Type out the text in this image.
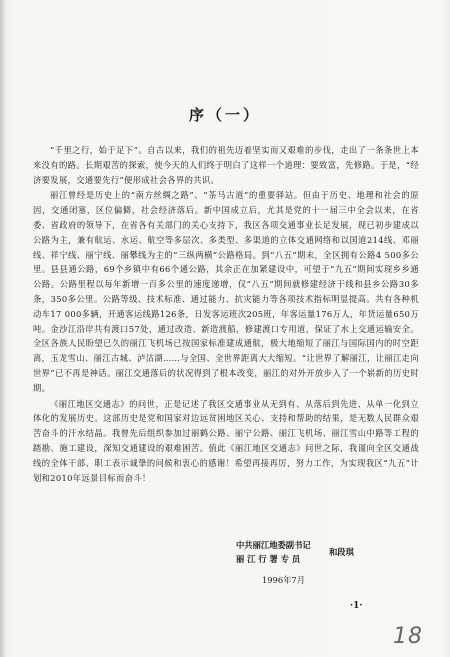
序（一）

“千里之行，始于足下”。自古以来，我们的祖先迈着坚实而又艰难的步伐，走出了一条条世上本来没有的路。长期艰苦的探索，使今天的人们终于明白了这样一个道理：要致富，先修路。于是，“经济要发展，交通要先行”便形成社会各界的共识。

丽江曾经是历史上的“南方丝绸之路”、“茶马古道”的重要驿站。但由于历史、地理和社会的原因，交通闭塞，区位偏僻，社会经济落后。新中国成立后，尤其是党的十一届三中全会以来，在省委、省政府的领导下，在省各有关部门的关心支持下，我区各项交通事业长足发展，现已初步建成以公路为主，兼有航运、水运、航空等多层次、多类型、多渠道的立体交通网络和以国道214线、邓丽线、祥宁线、丽宁线、丽攀线为主的“三纵两横”公路格局。到“八五”期末，全区拥有公路4 500多公里。县县通公路，69个乡镇中有66个通公路，其余正在加紧建设中，可望于“九五”期间实现乡乡通公路。公路里程以每年新增一百多公里的速度递增，仅“八五”期间就修建经济干线和县乡公路30多条，350多公里。公路等级、技术标准、通过能力、抗灾能力等各项技术指标明显提高。共有各种机动车17 000多辆，开通客运线路126条，日发客运班次205班，年客运量176万人，年货运量650万吨。金沙江沿岸共有渡口57处，通过改造、新造渡船，修建渡口专用道，保证了水上交通运输安全。全区各族人民盼望已久的丽江飞机场已按国家标准建成通航，极大地缩短了丽江与国际国内的时空距离，玉龙雪山、丽江古城、泸沽湖……与全国、全世界距离大大缩短。“让世界了解丽江，让丽江走向世界”已不再是神话。丽江交通落后的状况得到了根本改变，丽江的对外开放步入了一个崭新的历史时期。

《丽江地区交通志》的问世，正是记述了我区交通事业从无到有、从落后到先进、从单一化到立体化的发展历史。这部历史是党和国家对边远贫困地区关心、支持和帮助的结果，是无数人民群众艰苦奋斗的汗水结晶。我曾先后组织参加过丽鹤公路、丽宁公路、丽江飞机场、丽江雪山中路等工程的踏勘、施工建设，深知交通建设的艰难困苦。值此《丽江地区交通志》问世之际，我谨向全区交通战线的全体干部、职工表示诚挚的问候和衷心的感谢！希望再接再厉，努力工作，为实现我区“九五”计划和2010年远景目标而奋斗！

中共丽江地委副书记
丽 江 行 署 专 员
和段琪
1996年7月
·1·
18
